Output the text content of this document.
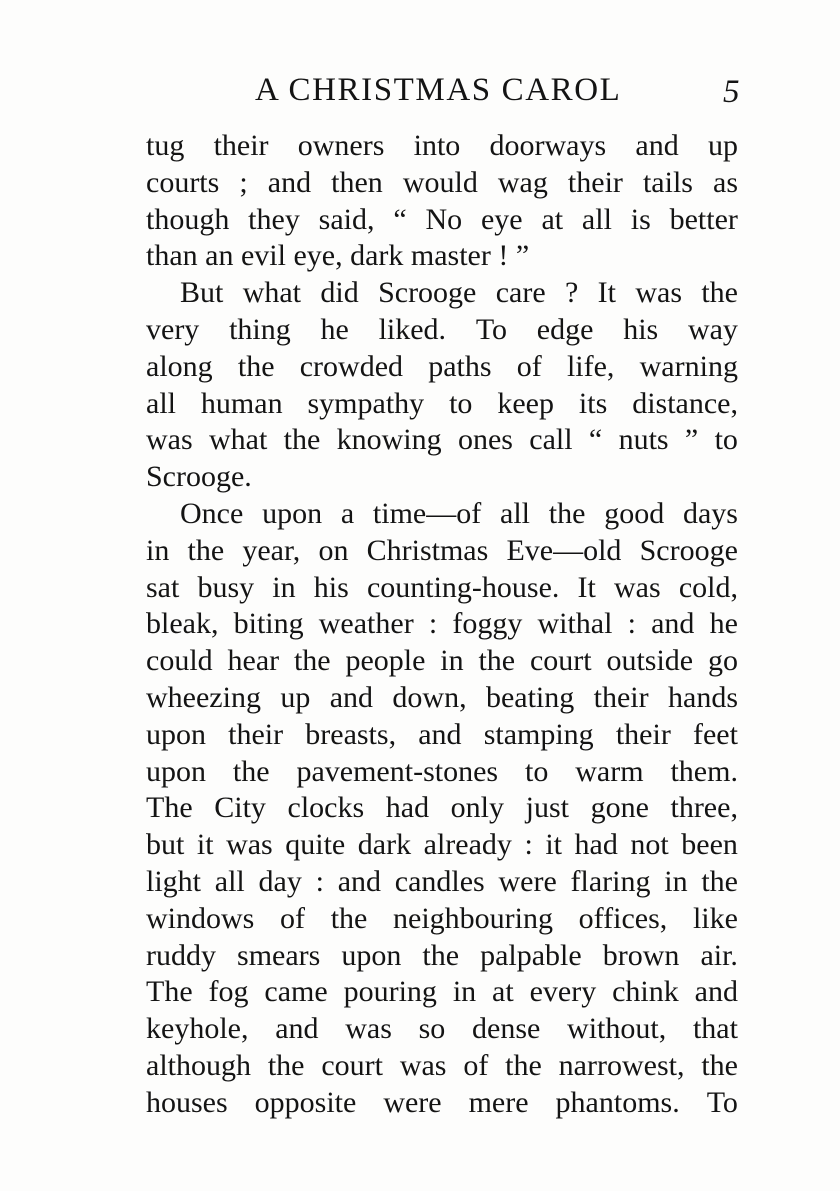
A CHRISTMAS CAROL	5
tug their owners into doorways and up
courts ; and then would wag their tails as
though they said, “ No eye at all is better
than an evil eye, dark master ! ”
But what did Scrooge care ? It was the
very thing he liked. To edge his way
along the crowded paths of life, warning
all human sympathy to keep its distance,
was what the knowing ones call “ nuts ” to
Scrooge.
Once upon a time—of all the good days
in the year, on Christmas Eve—old Scrooge
sat busy in his counting-house. It was cold,
bleak, biting weather : foggy withal : and he
could hear the people in the court outside go
wheezing up and down, beating their hands
upon their breasts, and stamping their feet
upon the pavement-stones to warm them.
The City clocks had only just gone three,
but it was quite dark already : it had not been
light all day : and candles were flaring in the
windows of the neighbouring offices, like
ruddy smears upon the palpable brown air.
The fog came pouring in at every chink and
keyhole, and was so dense without, that
although the court was of the narrowest, the
houses opposite were mere phantoms. To
